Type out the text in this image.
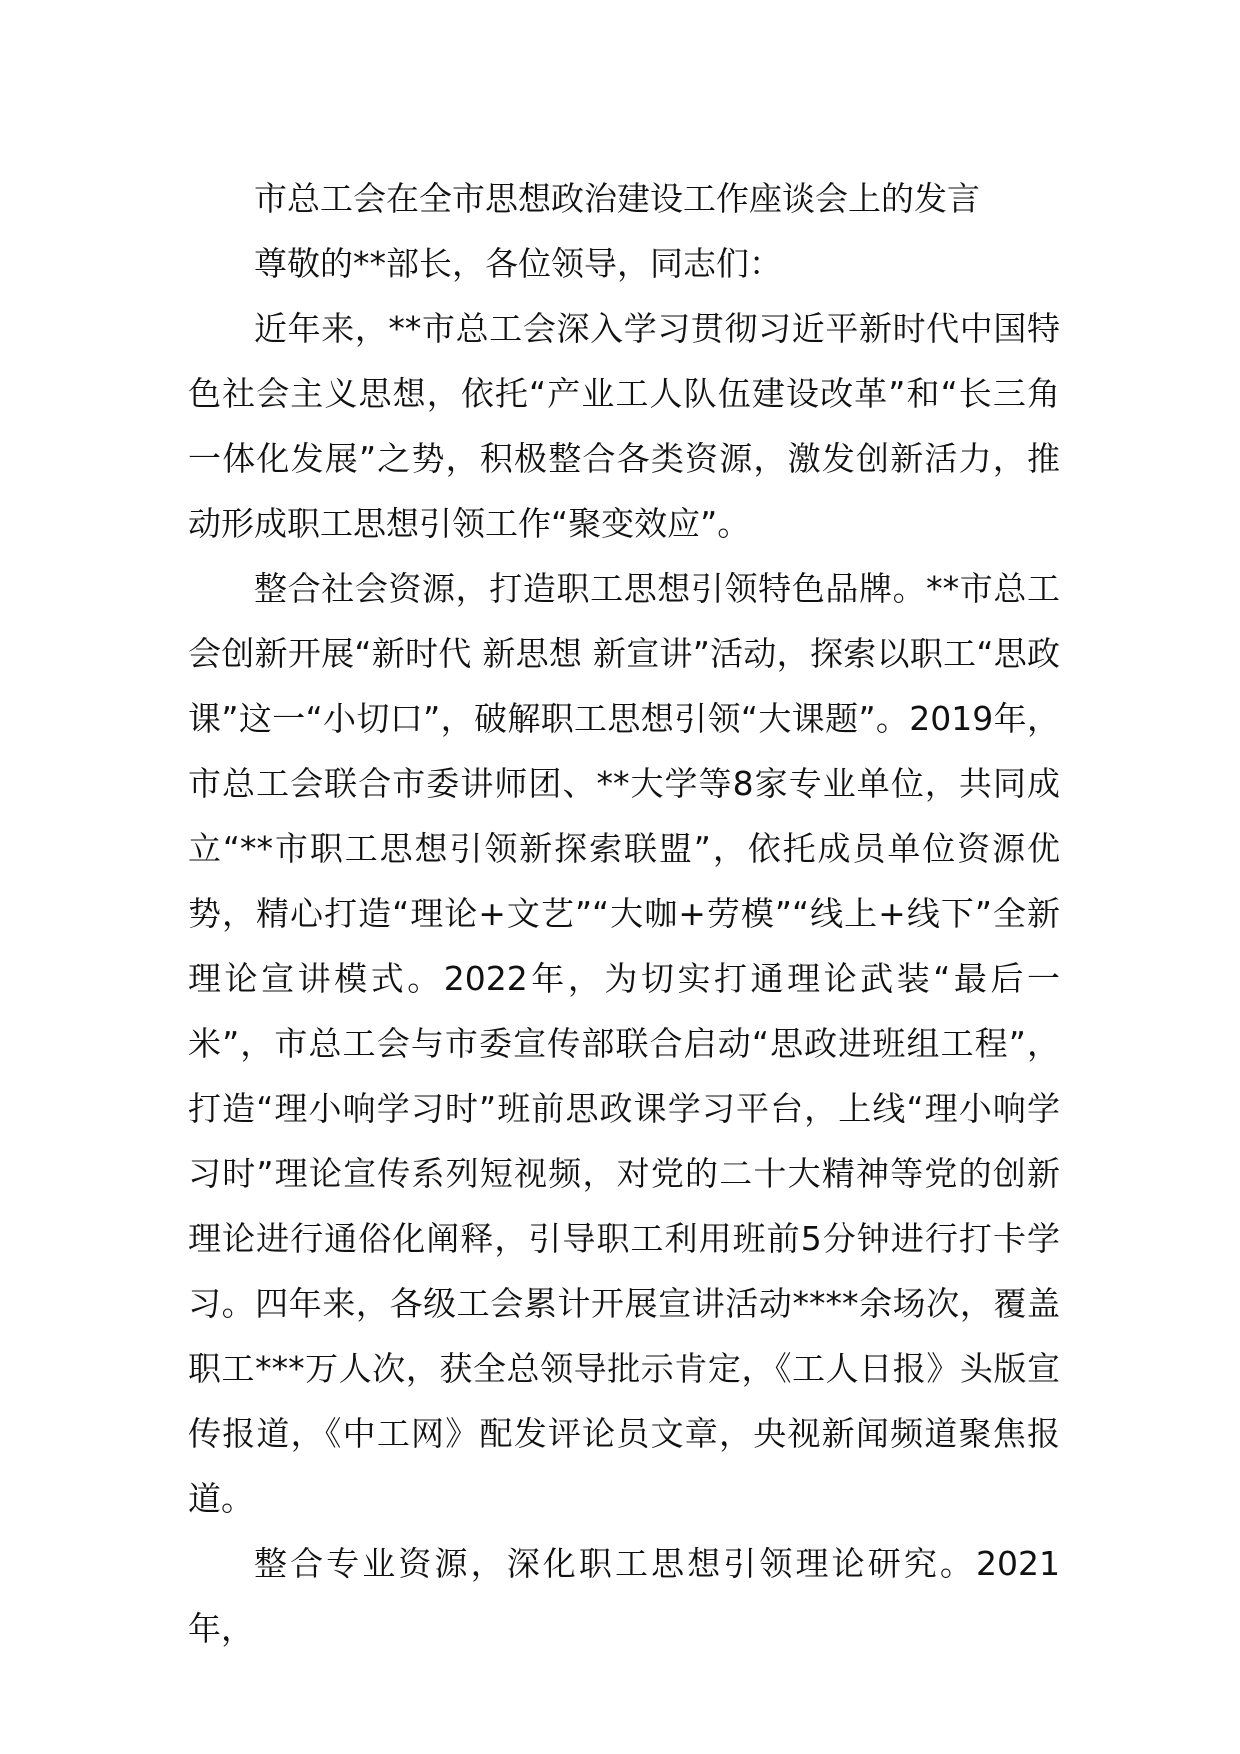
市总工会在全市思想政治建设工作座谈会上的发言

尊敬的**部长，各位领导，同志们：

近年来，**市总工会深入学习贯彻习近平新时代中国特色社会主义思想，依托“产业工人队伍建设改革”和“长三角一体化发展”之势，积极整合各类资源，激发创新活力，推动形成职工思想引领工作“聚变效应”。

整合社会资源，打造职工思想引领特色品牌。**市总工会创新开展“新时代 新思想 新宣讲”活动，探索以职工“思政课”这一“小切口”，破解职工思想引领“大课题”。2019年，市总工会联合市委讲师团、**大学等8家专业单位，共同成立“**市职工思想引领新探索联盟”，依托成员单位资源优势，精心打造“理论+文艺”“大咖+劳模”“线上+线下”全新理论宣讲模式。2022年，为切实打通理论武装“最后一米”，市总工会与市委宣传部联合启动“思政进班组工程”，打造“理小响学习时”班前思政课学习平台，上线“理小响学习时”理论宣传系列短视频，对党的二十大精神等党的创新理论进行通俗化阐释，引导职工利用班前5分钟进行打卡学习。四年来，各级工会累计开展宣讲活动****余场次，覆盖职工***万人次，获全总领导批示肯定，《工人日报》头版宣传报道，《中工网》配发评论员文章，央视新闻频道聚焦报道。

整合专业资源，深化职工思想引领理论研究。2021年，
